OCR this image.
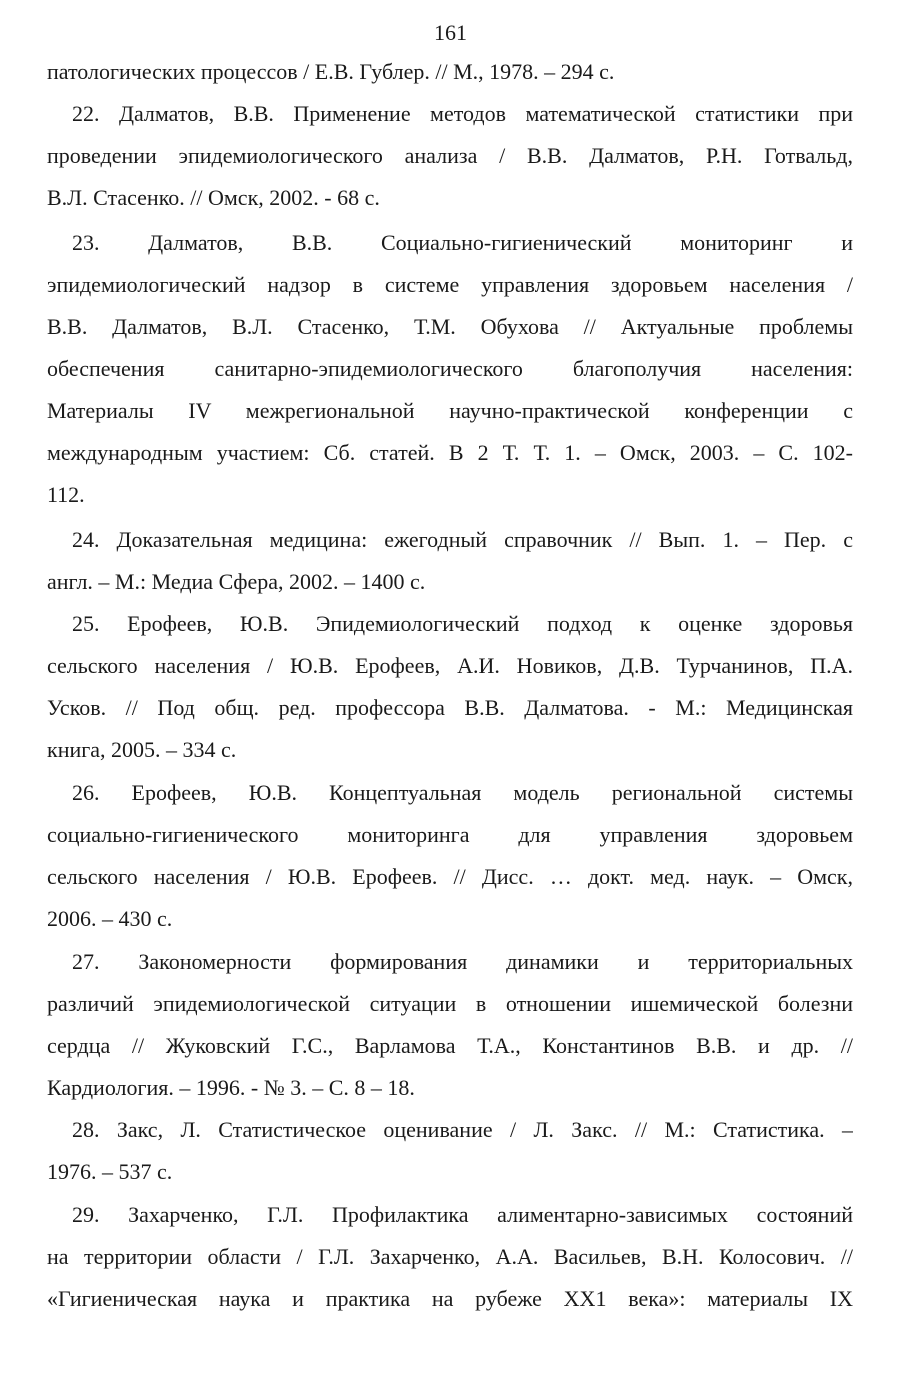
161
патологических процессов / Е.В. Гублер. // М., 1978. – 294 с.
22. Далматов, В.В. Применение методов математической статистики при
проведении эпидемиологического анализа / В.В. Далматов, Р.Н. Готвальд,
В.Л. Стасенко. // Омск, 2002. - 68 с.
23. Далматов, В.В. Социально-гигиенический мониторинг и
эпидемиологический надзор в системе управления здоровьем населения /
В.В. Далматов, В.Л. Стасенко, Т.М. Обухова // Актуальные проблемы
обеспечения санитарно-эпидемиологического благополучия населения:
Материалы IV межрегиональной научно-практической конференции с
международным участием: Сб. статей. В 2 Т. Т. 1. – Омск, 2003. – С. 102-
112.
24. Доказательная медицина: ежегодный справочник // Вып. 1. – Пер. с
англ. – М.: Медиа Сфера, 2002. – 1400 с.
25. Ерофеев, Ю.В. Эпидемиологический подход к оценке здоровья
сельского населения / Ю.В. Ерофеев, А.И. Новиков, Д.В. Турчанинов, П.А.
Усков. // Под общ. ред. профессора В.В. Далматова. - М.: Медицинская
книга, 2005. – 334 с.
26. Ерофеев, Ю.В. Концептуальная модель региональной системы
социально-гигиенического мониторинга для управления здоровьем
сельского населения / Ю.В. Ерофеев. // Дисс. … докт. мед. наук. – Омск,
2006. – 430 с.
27. Закономерности формирования динамики и территориальных
различий эпидемиологической ситуации в отношении ишемической болезни
сердца // Жуковский Г.С., Варламова Т.А., Константинов В.В. и др. //
Кардиология. – 1996. - № 3. – С. 8 – 18.
28. Закс, Л. Статистическое оценивание / Л. Закс. // М.: Статистика. –
1976. – 537 с.
29. Захарченко, Г.Л. Профилактика алиментарно-зависимых состояний
на территории области / Г.Л. Захарченко, А.А. Васильев, В.Н. Колосович. //
«Гигиеническая наука и практика на рубеже XX1 века»: материалы IX
